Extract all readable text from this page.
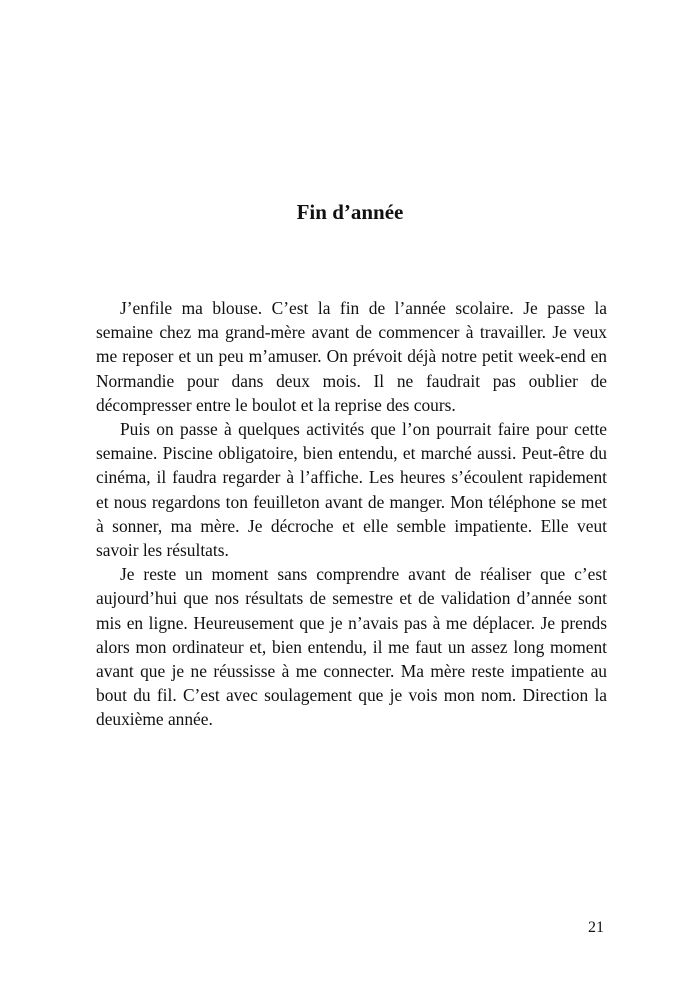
Fin d’année

J’enfile ma blouse. C’est la fin de l’année scolaire. Je passe la semaine chez ma grand-mère avant de commencer à travailler. Je veux me reposer et un peu m’amuser. On prévoit déjà notre petit week-end en Normandie pour dans deux mois. Il ne faudrait pas oublier de décompresser entre le boulot et la reprise des cours.

Puis on passe à quelques activités que l’on pourrait faire pour cette semaine. Piscine obligatoire, bien entendu, et marché aussi. Peut-être du cinéma, il faudra regarder à l’affiche. Les heures s’écoulent rapidement et nous regardons ton feuilleton avant de manger. Mon téléphone se met à sonner, ma mère. Je décroche et elle semble impatiente. Elle veut savoir les résultats.

Je reste un moment sans comprendre avant de réaliser que c’est aujourd’hui que nos résultats de semestre et de validation d’année sont mis en ligne. Heureusement que je n’avais pas à me déplacer. Je prends alors mon ordinateur et, bien entendu, il me faut un assez long moment avant que je ne réussisse à me connecter. Ma mère reste impatiente au bout du fil. C’est avec soulagement que je vois mon nom. Direction la deuxième année.

21
